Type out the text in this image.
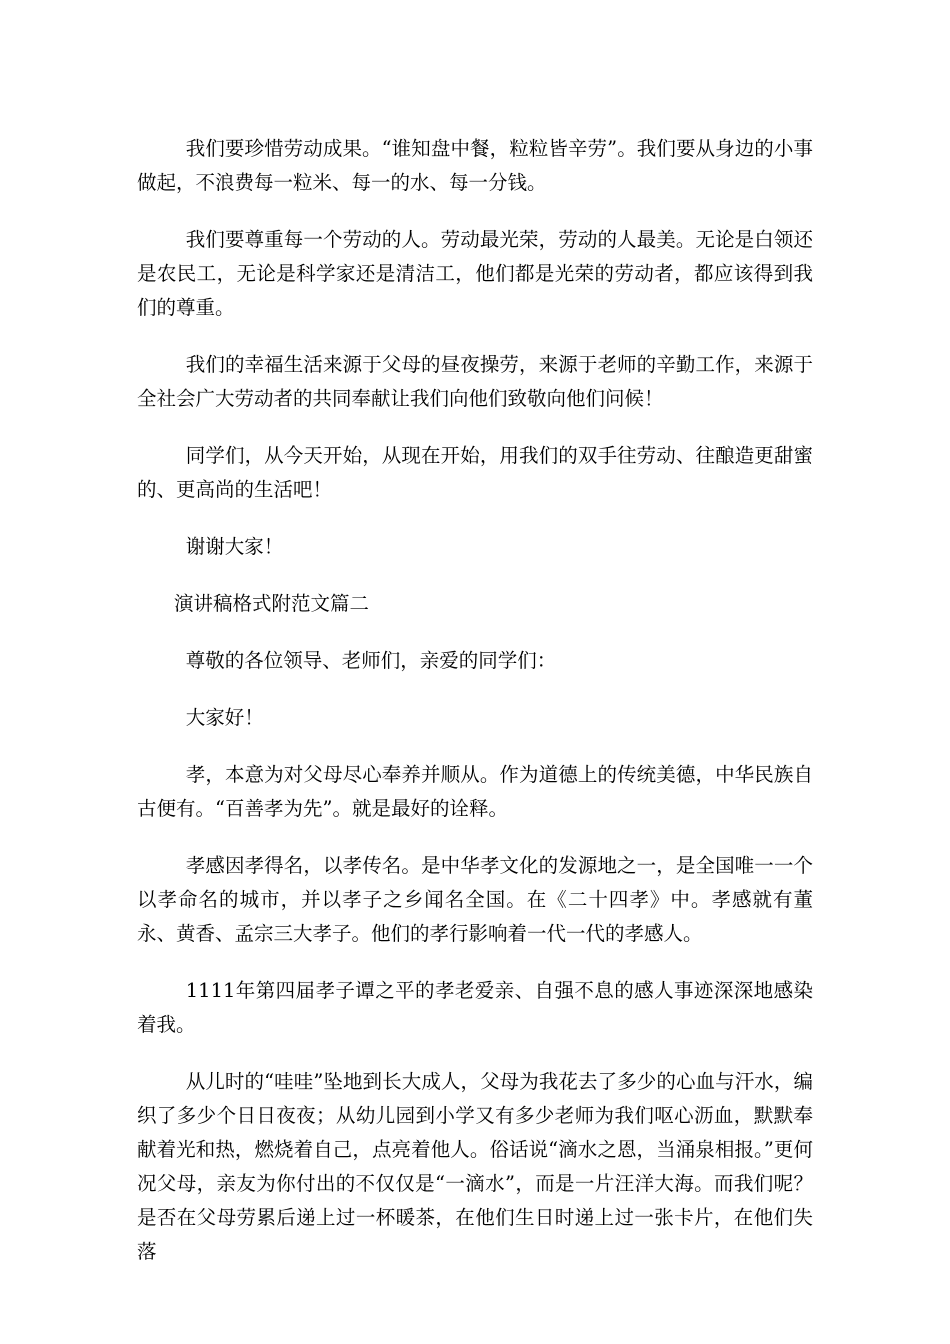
我们要珍惜劳动成果。“谁知盘中餐，粒粒皆辛劳”。我们要从身边的小事做起，不浪费每一粒米、每一的水、每一分钱。

我们要尊重每一个劳动的人。劳动最光荣，劳动的人最美。无论是白领还是农民工，无论是科学家还是清洁工，他们都是光荣的劳动者，都应该得到我们的尊重。

我们的幸福生活来源于父母的昼夜操劳，来源于老师的辛勤工作，来源于全社会广大劳动者的共同奉献让我们向他们致敬向他们问候！

同学们，从今天开始，从现在开始，用我们的双手往劳动、往酿造更甜蜜的、更高尚的生活吧！

谢谢大家！

演讲稿格式附范文篇二

尊敬的各位领导、老师们，亲爱的同学们：

大家好！

孝，本意为对父母尽心奉养并顺从。作为道德上的传统美德，中华民族自古便有。“百善孝为先”。就是最好的诠释。

孝感因孝得名，以孝传名。是中华孝文化的发源地之一，是全国唯一一个以孝命名的城市，并以孝子之乡闻名全国。在《二十四孝》中。孝感就有董永、黄香、孟宗三大孝子。他们的孝行影响着一代一代的孝感人。

1111年第四届孝子谭之平的孝老爱亲、自强不息的感人事迹深深地感染着我。

从儿时的“哇哇”坠地到长大成人，父母为我花去了多少的心血与汗水，编织了多少个日日夜夜；从幼儿园到小学又有多少老师为我们呕心沥血，默默奉献着光和热，燃烧着自己，点亮着他人。俗话说“滴水之恩，当涌泉相报。”更何况父母，亲友为你付出的不仅仅是“一滴水”，而是一片汪洋大海。而我们呢？是否在父母劳累后递上过一杯暖茶，在他们生日时递上过一张卡片，在他们失落
